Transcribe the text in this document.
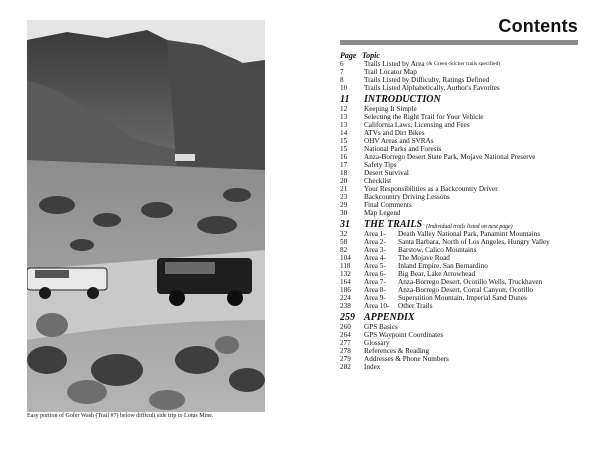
Easy portion of Gofer Wash (Trail #7) below difficult side trip to Lotus Mine.
Contents
Page Topic
6	Trails Listed by Area
(& Green-Sticker trails specified)
7	Trail Locator Map
8	Trails Listed by Difficulty, Ratings Defined
10	Trails Listed Alphabetically, Author's Favorites
11	INTRODUCTION
12	Keeping It Simple
13	Selecting the Right Trail for Your Vehicle
13	California Laws, Licensing and Fees
14	ATVs and Dirt Bikes
15	OHV Areas and SVRAs
15	National Parks and Forests
16	Anza-Borrego Desert State Park, Mojave National Preserve
17	Safety Tips
18	Desert Survival
20	Checklist
21	Your Responsibilities as a Backcountry Driver
23	Backcountry Driving Lessons
29	Final Comments
30	Map Legend
31	THE TRAILS (Individual trails listed on next page)
32	Area 1-	Death Valley National Park, Panamint Mountains
58	Area 2-	Santa Barbara, North of Los Angeles, Hungry Valley
82	Area 3-	Barstow, Calico Mountains
104	Area 4-	The Mojave Road
118	Area 5-	Inland Empire, San Bernardino
132	Area 6-	Big Bear, Lake Arrowhead
164	Area 7-	Anza-Borrego Desert, Ocotillo Wells, Truckhaven
186	Area 8-	Anza-Borrego Desert, Corral Canyon, Ocotillo
224	Area 9-	Superstition Mountain, Imperial Sand Dunes
238	Area 10-	Other Trails
259 APPENDIX
260	GPS Basics
264	GPS Waypoint Coordinates
277	Glossary
278	References & Reading
279	Addresses & Phone Numbers
282	Index
